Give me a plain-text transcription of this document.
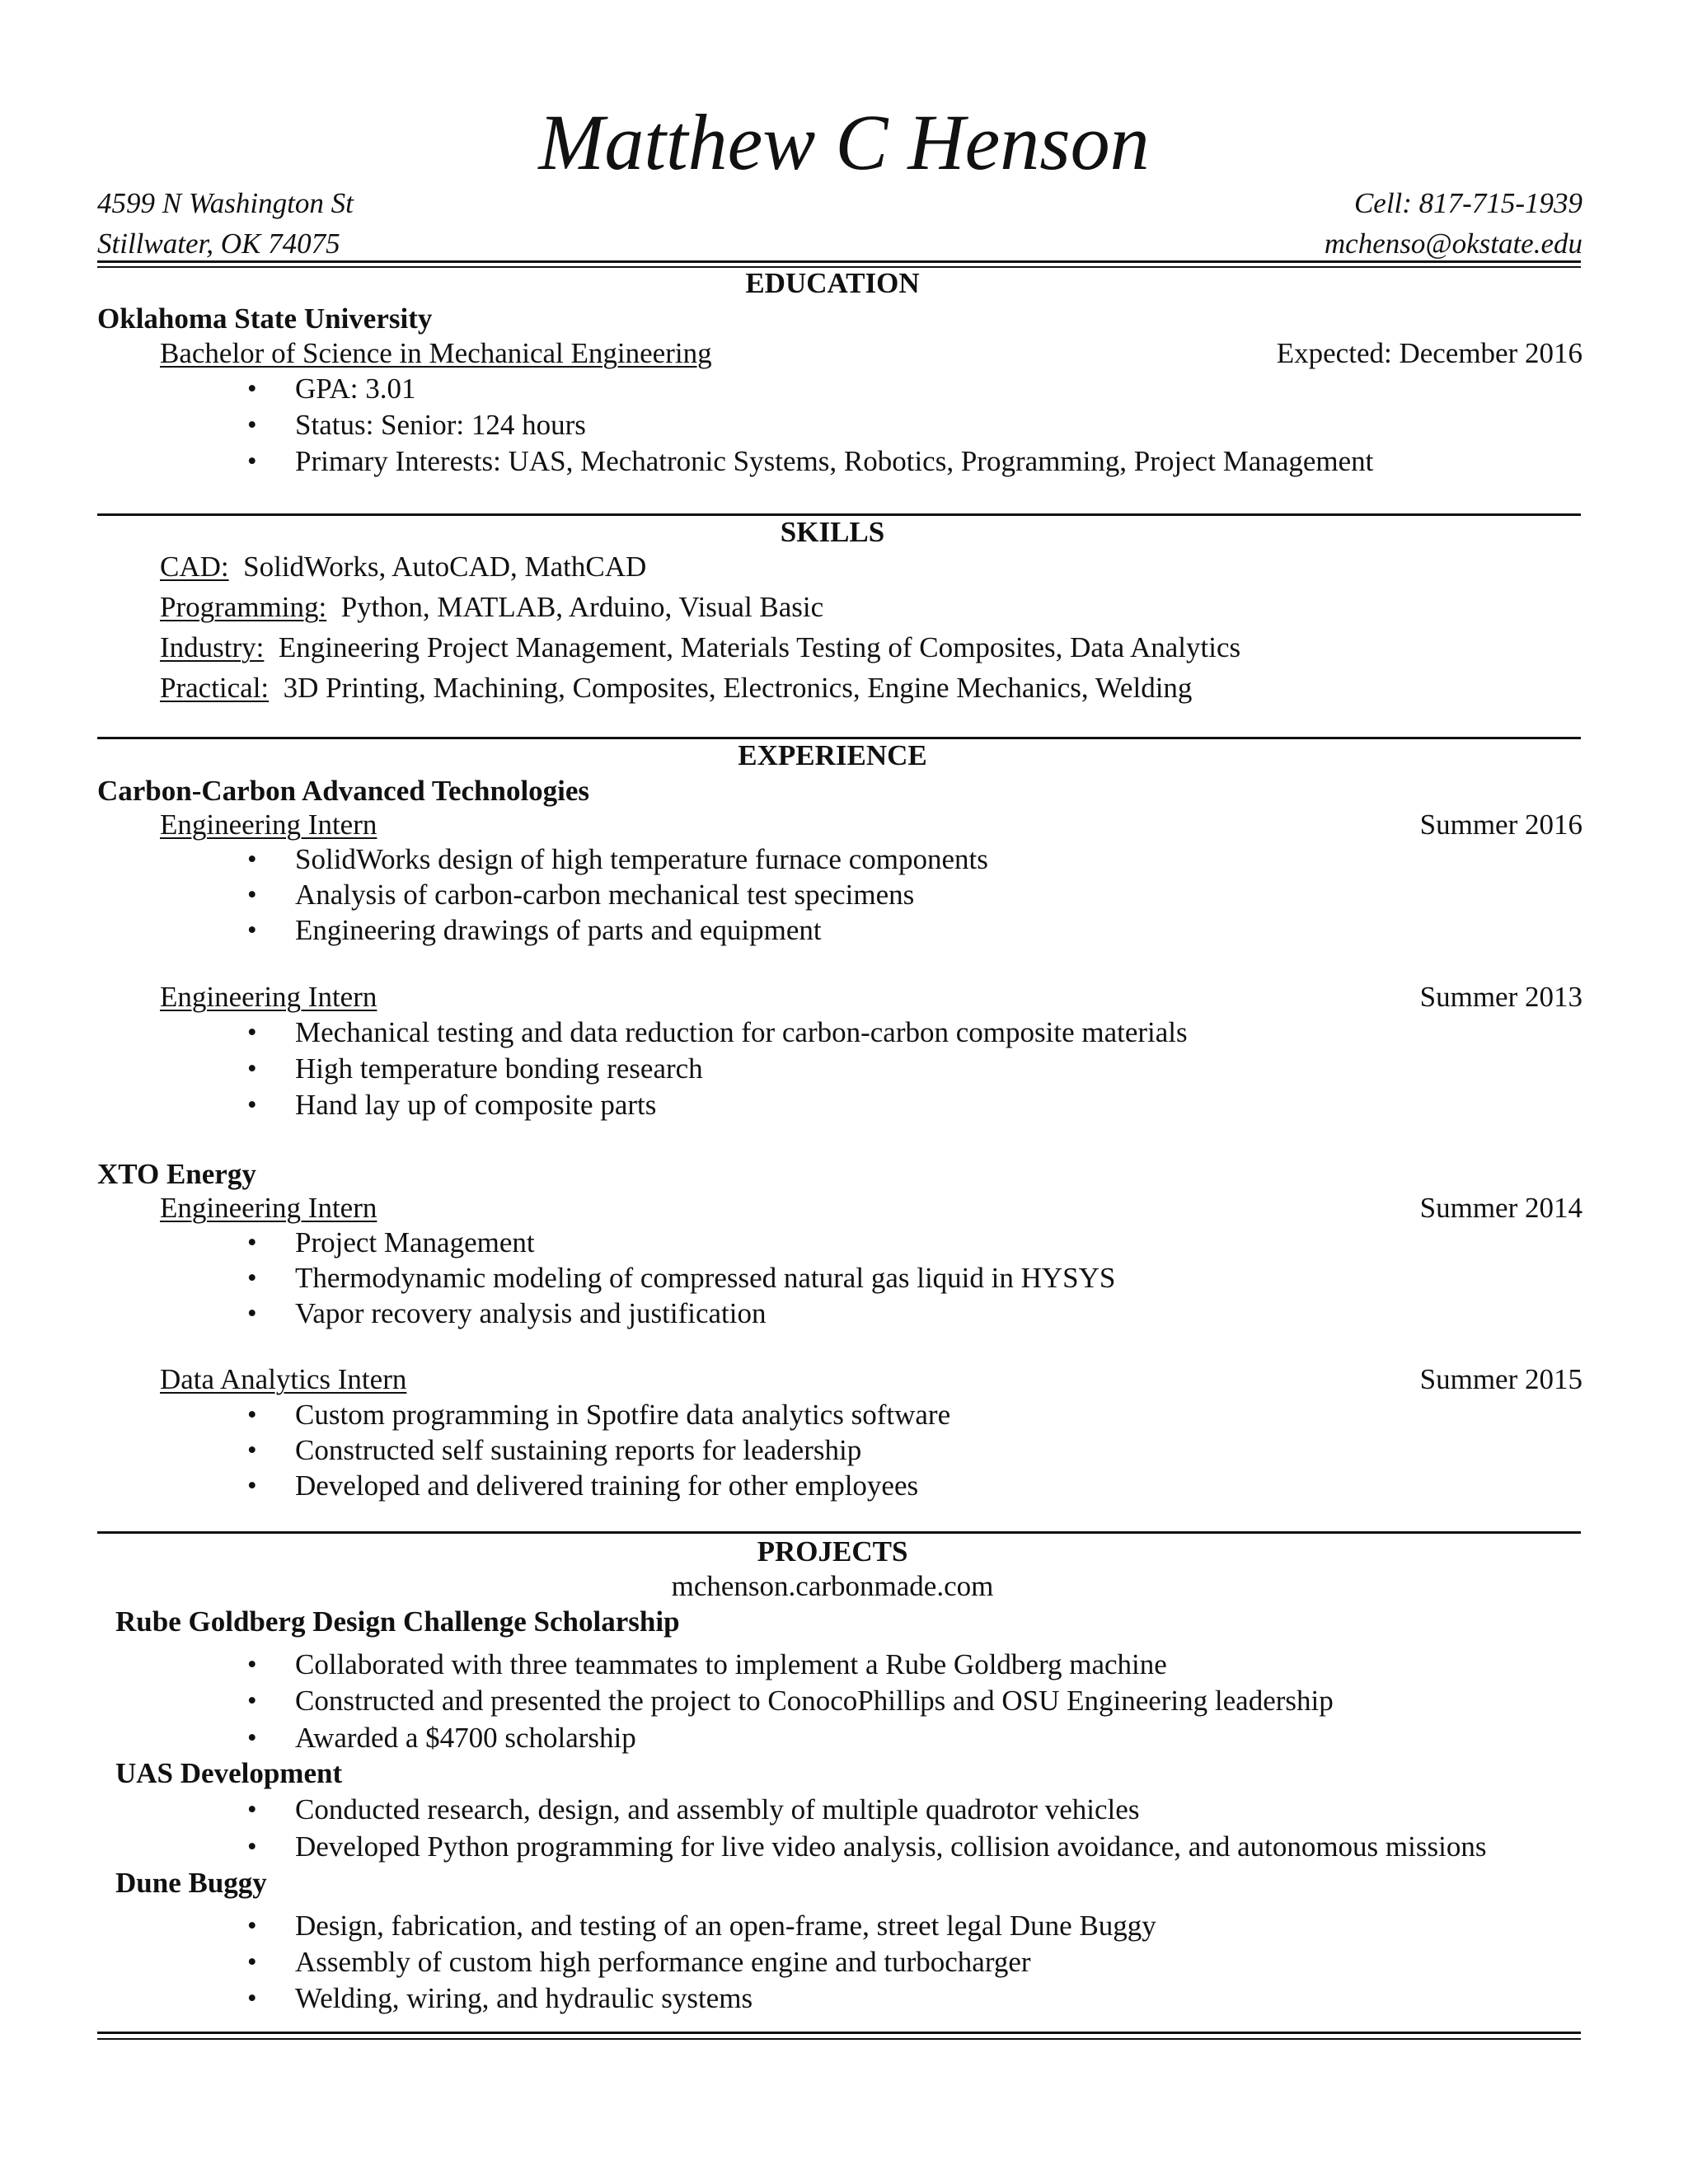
Matthew C Henson
4599 N Washington St	Cell: 817-715-1939
Stillwater, OK 74075	mchenso@okstate.edu
EDUCATION
Oklahoma State University
Bachelor of Science in Mechanical Engineering	Expected: December 2016
• GPA: 3.01
• Status: Senior: 124 hours
• Primary Interests: UAS, Mechatronic Systems, Robotics, Programming, Project Management
SKILLS
CAD:  SolidWorks, AutoCAD, MathCAD
Programming:  Python, MATLAB, Arduino, Visual Basic
Industry:  Engineering Project Management, Materials Testing of Composites, Data Analytics
Practical:  3D Printing, Machining, Composites, Electronics, Engine Mechanics, Welding
EXPERIENCE
Carbon-Carbon Advanced Technologies
Engineering Intern	Summer 2016
• SolidWorks design of high temperature furnace components
• Analysis of carbon-carbon mechanical test specimens
• Engineering drawings of parts and equipment
Engineering Intern	Summer 2013
• Mechanical testing and data reduction for carbon-carbon composite materials
• High temperature bonding research
• Hand lay up of composite parts
XTO Energy
Engineering Intern	Summer 2014
• Project Management
• Thermodynamic modeling of compressed natural gas liquid in HYSYS
• Vapor recovery analysis and justification
Data Analytics Intern	Summer 2015
• Custom programming in Spotfire data analytics software
• Constructed self sustaining reports for leadership
• Developed and delivered training for other employees
PROJECTS
mchenson.carbonmade.com
Rube Goldberg Design Challenge Scholarship
• Collaborated with three teammates to implement a Rube Goldberg machine
• Constructed and presented the project to ConocoPhillips and OSU Engineering leadership
• Awarded a $4700 scholarship
UAS Development
• Conducted research, design, and assembly of multiple quadrotor vehicles
• Developed Python programming for live video analysis, collision avoidance, and autonomous missions
Dune Buggy
• Design, fabrication, and testing of an open-frame, street legal Dune Buggy
• Assembly of custom high performance engine and turbocharger
• Welding, wiring, and hydraulic systems
